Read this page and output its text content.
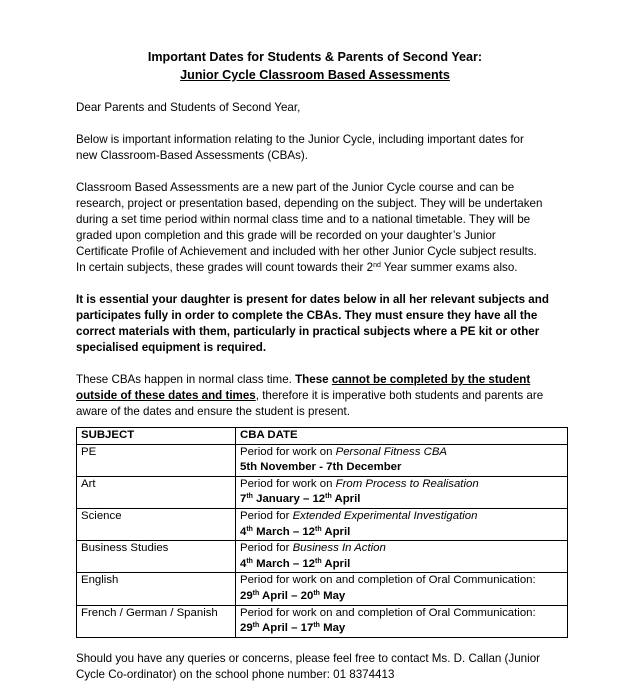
Important Dates for Students & Parents of Second Year:
Junior Cycle Classroom Based Assessments
Dear Parents and Students of Second Year,
Below is important information relating to the Junior Cycle, including important dates for
new Classroom-Based Assessments (CBAs).
Classroom Based Assessments are a new part of the Junior Cycle course and can be
research, project or presentation based, depending on the subject. They will be undertaken
during a set time period within normal class time and to a national timetable. They will be
graded upon completion and this grade will be recorded on your daughter’s Junior
Certificate Profile of Achievement and included with her other Junior Cycle subject results.
In certain subjects, these grades will count towards their 2nd Year summer exams also.
It is essential your daughter is present for dates below in all her relevant subjects and
participates fully in order to complete the CBAs. They must ensure they have all the
correct materials with them, particularly in practical subjects where a PE kit or other
specialised equipment is required.
These CBAs happen in normal class time. These cannot be completed by the student
outside of these dates and times, therefore it is imperative both students and parents are
aware of the dates and ensure the student is present.
SUBJECT	CBA DATE
PE	Period for work on Personal Fitness CBA
5th November - 7th December
Art	Period for work on From Process to Realisation
7th January – 12th April
Science	Period for Extended Experimental Investigation
4th March – 12th April
Business Studies	Period for Business In Action
4th March – 12th April
English	Period for work on and completion of Oral Communication:
29th April – 20th May
French / German / Spanish	Period for work on and completion of Oral Communication:
29th April – 17th May
Should you have any queries or concerns, please feel free to contact Ms. D. Callan (Junior
Cycle Co-ordinator) on the school phone number: 01 8374413
